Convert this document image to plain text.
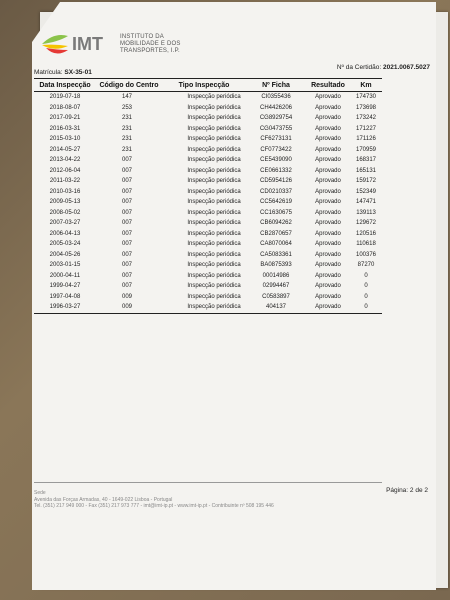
IMT	INSTITUTO DA
MOBILIDADE E DOS
TRANSPORTES, I.P.
Nº da Certidão: 2021.0067.5027
Matrícula: SX-35-01
Data Inspecção	Código do Centro	Tipo Inspecção	Nº Ficha	Resultado	Km
2019-07-18	147	Inspecção periódica	CI0355436	Aprovado	174730
2018-08-07	253	Inspecção periódica	CH4426206	Aprovado	173698
2017-09-21	231	Inspecção periódica	CG8929754	Aprovado	173242
2016-03-31	231	Inspecção periódica	CG0473755	Aprovado	171227
2015-03-10	231	Inspecção periódica	CF6273131	Aprovado	171126
2014-05-27	231	Inspecção periódica	CF0773422	Aprovado	170959
2013-04-22	007	Inspecção periódica	CE5439090	Aprovado	168317
2012-06-04	007	Inspecção periódica	CE0661332	Aprovado	165131
2011-03-22	007	Inspecção periódica	CD5954126	Aprovado	159172
2010-03-16	007	Inspecção periódica	CD0210337	Aprovado	152349
2009-05-13	007	Inspecção periódica	CC5642619	Aprovado	147471
2008-05-02	007	Inspecção periódica	CC1630675	Aprovado	139113
2007-03-27	007	Inspecção periódica	CB6094262	Aprovado	129672
2006-04-13	007	Inspecção periódica	CB2870657	Aprovado	120516
2005-03-24	007	Inspecção periódica	CA8070064	Aprovado	110618
2004-05-26	007	Inspecção periódica	CA5083361	Aprovado	100376
2003-01-15	007	Inspecção periódica	BA0875393	Aprovado	87270
2000-04-11	007	Inspecção periódica	00014986	Aprovado	0
1999-04-27	007	Inspecção periódica	02994467	Aprovado	0
1997-04-08	009	Inspecção periódica	C0583897	Aprovado	0
1996-03-27	009	Inspecção periódica	404137	Aprovado	0
Página: 2 de 2
Sede
Avenida das Forças Armadas, 40 - 1649-022 Lisboa - Portugal
Tel. (351) 217 949 000 - Fax (351) 217 973 777 - imt@imt-ip.pt - www.imt-ip.pt - Contribuinte nº 508 195 446
